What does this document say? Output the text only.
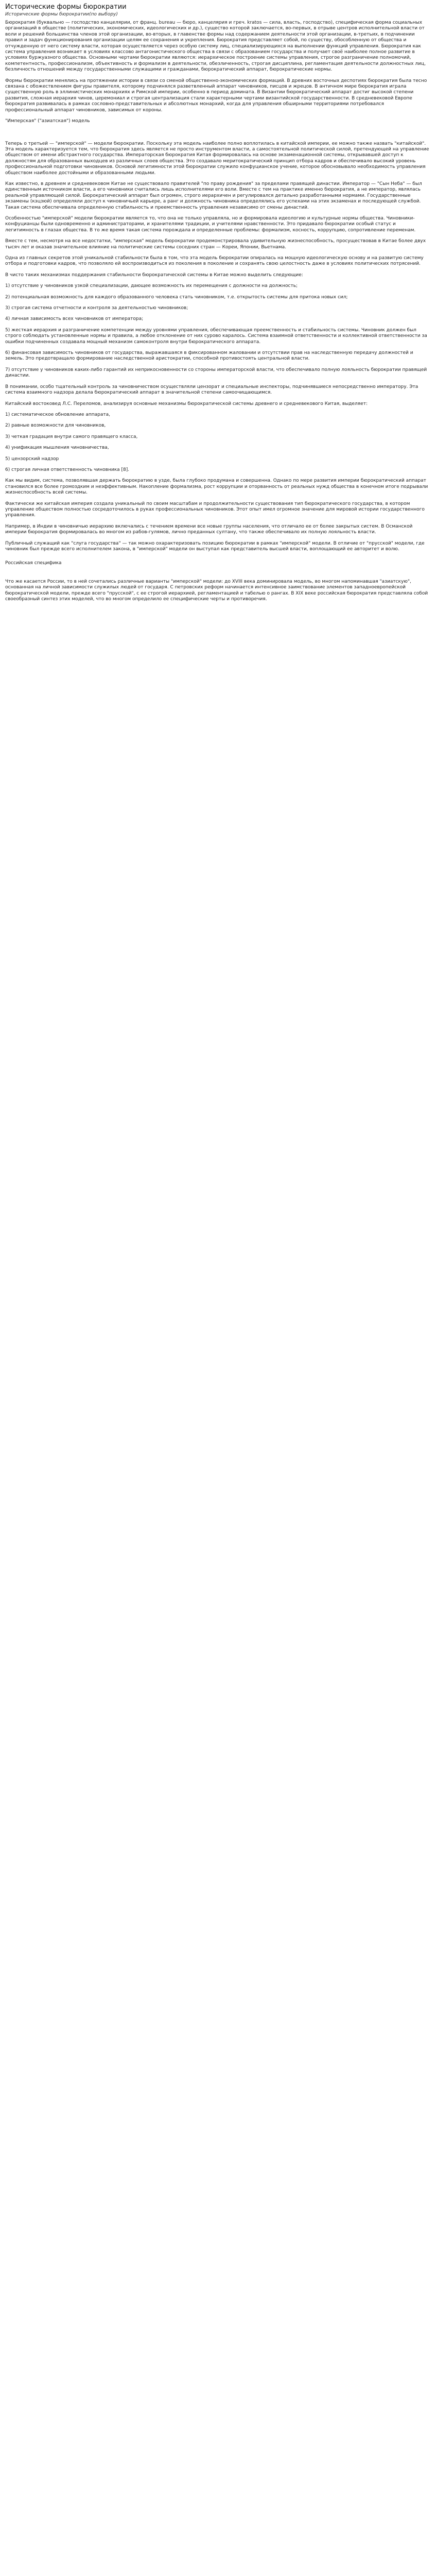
Исторические формы бюрократии
Исторические формы бюрократии(по выбору)

Бюрократия (буквально — господство канцелярии, от франц. bureau — бюро, канцелярия и греч. kratos — сила, власть, господство), специфическая форма социальных организаций в обществе (политических, экономических, идеологических и др.), существо которой заключается, во-первых, в отрыве центров исполнительной власти от воли и решений большинства членов этой организации, во-вторых, в главенстве формы над содержанием деятельности этой организации, в-третьих, в подчинении правил и задач функционирования организации целям ее сохранения и укрепления. Бюрократия представляет собой, по существу, обособленную от общества и отчужденную от него систему власти, которая осуществляется через особую систему лиц, специализирующихся на выполнении функций управления. Бюрократия как система управления возникает в условиях классово антагонистического общества в связи с образованием государства и получает своё наиболее полное развитие в условиях буржуазного общества. Основными чертами бюрократии являются: иерархическое построение системы управления, строгое разграничение полномочий, компетентность, профессионализм, объективность и формализм в деятельности, обезличенность, строгая дисциплина, регламентация деятельности должностных лиц, безличность отношений между государственными служащими и гражданами, бюрократический аппарат, бюрократические нормы.

Формы бюрократии менялись на протяжении истории в связи со сменой общественно-экономических формаций. В древних восточных деспотиях бюрократия была тесно связана с обожествлением фигуры правителя, которому подчинялся разветвленный аппарат чиновников, писцов и жрецов. В античном мире бюрократия играла существенную роль в эллинистических монархиях и Римской империи, особенно в период домината. В Византии бюрократический аппарат достиг высокой степени развития, сложная иерархия чинов, церемониал и строгая централизация стали характерными чертами византийской государственности. В средневековой Европе бюрократия развивалась в рамках сословно-представительных и абсолютных монархий, когда для управления обширными территориями потребовался профессиональный аппарат чиновников, зависимых от короны.

"Имперская" ("азиатская") модель

Теперь о третьей — "имперской" — модели бюрократии. Поскольку эта модель наиболее полно воплотилась в китайской империи, ее можно также назвать "китайской". Эта модель характеризуется тем, что бюрократия здесь является не просто инструментом власти, а самостоятельной политической силой, претендующей на управление обществом от имени абстрактного государства. Императорская бюрократия Китая формировалась на основе экзаменационной системы, открывавшей доступ к должностям для образованных выходцев из различных слоев общества. Это создавало меритократический принцип отбора кадров и обеспечивало высокий уровень профессиональной подготовки чиновников. Основой легитимности этой бюрократии служило конфуцианское учение, которое обосновывало необходимость управления обществом наиболее достойными и образованными людьми.

Как известно, в древнем и средневековом Китае не существовало правителей "по праву рождения" за пределами правящей династии. Император — "Сын Неба" — был единственным источником власти, а его чиновники считались лишь исполнителями его воли. Вместе с тем на практике именно бюрократия, а не император, являлась реальной управляющей силой. Бюрократический аппарат был огромен, строго иерархичен и регулировался детально разработанными нормами. Государственные экзамены (кэцзюй) определяли доступ к чиновничьей карьере, а ранг и должность чиновника определялись его успехами на этих экзаменах и последующей службой. Такая система обеспечивала определенную стабильность и преемственность управления независимо от смены династий.

Особенностью "имперской" модели бюрократии является то, что она не только управляла, но и формировала идеологию и культурные нормы общества. Чиновники-конфуцианцы были одновременно и администраторами, и хранителями традиции, и учителями нравственности. Это придавало бюрократии особый статус и легитимность в глазах общества. В то же время такая система порождала и определенные проблемы: формализм, косность, коррупцию, сопротивление переменам.

Вместе с тем, несмотря на все недостатки, "имперская" модель бюрократии продемонстрировала удивительную жизнеспособность, просуществовав в Китае более двух тысяч лет и оказав значительное влияние на политические системы соседних стран — Кореи, Японии, Вьетнама.

Одна из главных секретов этой уникальной стабильности была в том, что эта модель бюрократии опиралась на мощную идеологическую основу и на развитую систему отбора и подготовки кадров, что позволяло ей воспроизводиться из поколения в поколение и сохранять свою целостность даже в условиях политических потрясений.

В чисто таких механизмах поддержания стабильности бюрократической системы в Китае можно выделить следующие:

1) отсутствие у чиновников узкой специализации, дающее возможность их перемещения с должности на должность;

2) потенциальная возможность для каждого образованного человека стать чиновником, т.е. открытость системы для притока новых сил;

3) строгая система отчетности и контроля за деятельностью чиновников;

4) личная зависимость всех чиновников от императора;

5) жесткая иерархия и разграничение компетенции между уровнями управления, обеспечивающая преемственность и стабильность системы. Чиновник должен был строго соблюдать установленные нормы и правила, а любое отклонение от них сурово каралось. Система взаимной ответственности и коллективной ответственности за ошибки подчиненных создавала мощный механизм самоконтроля внутри бюрократического аппарата.

6) финансовая зависимость чиновников от государства, выражавшаяся в фиксированном жаловании и отсутствии прав на наследственную передачу должностей и земель. Это предотвращало формирование наследственной аристократии, способной противостоять центральной власти.

7) отсутствие у чиновников каких-либо гарантий их неприкосновенности со стороны императорской власти, что обеспечивало полную лояльность бюрократии правящей династии.

В понимании, особо тщательный контроль за чиновничеством осуществляли цензорат и специальные инспекторы, подчинявшиеся непосредственно императору. Эта система взаимного надзора делала бюрократический аппарат в значительной степени самоочищающимся.

Китайский востоковед Л.С. Переломов, анализируя основные механизмы бюрократической системы древнего и средневекового Китая, выделяет:

1) систематическое обновление аппарата,

2) равные возможности для чиновников,

3) четкая градация внутри самого правящего класса,

4) унификация мышления чиновничества,

5) цензорский надзор

6) строгая личная ответственность чиновника [8].

Как мы видим, система, позволявшая держать бюрократию в узде, была глубоко продумана и совершенна. Однако по мере развития империи бюрократический аппарат становился все более громоздким и неэффективным. Накопление формализма, рост коррупции и оторванность от реальных нужд общества в конечном итоге подрывали жизнеспособность всей системы.

Фактически же китайская империя создала уникальный по своим масштабам и продолжительности существования тип бюрократического государства, в котором управление обществом полностью сосредоточилось в руках профессиональных чиновников. Этот опыт имел огромное значение для мировой истории государственного управления.

Например, в Индии в чиновничью иерархию включались с течением времени все новые группы населения, что отличало ее от более закрытых систем. В Османской империи бюрократия формировалась во многом из рабов-гулямов, лично преданных султану, что также обеспечивало их полную лояльность власти.

Публичный служащий как "слуга государства" — так можно охарактеризовать позицию бюрократии в рамках "имперской" модели. В отличие от "прусской" модели, где чиновник был прежде всего исполнителем закона, в "имперской" модели он выступал как представитель высшей власти, воплощающий ее авторитет и волю.

Российская специфика

Что же касается России, то в ней сочетались различные варианты "имперской" модели: до XVIII века доминировала модель, во многом напоминавшая "азиатскую", основанная на личной зависимости служилых людей от государя. С петровских реформ начинается интенсивное заимствование элементов западноевропейской бюрократической модели, прежде всего "прусской", с ее строгой иерархией, регламентацией и табелью о рангах. В XIX веке российская бюрократия представляла собой своеобразный синтез этих моделей, что во многом определило ее специфические черты и противоречия.
